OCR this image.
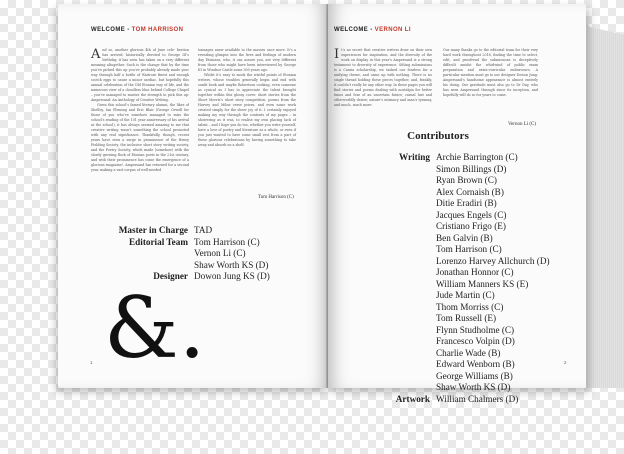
WELCOME - TOM HARRISON

And so, another glorious 4th of June cele- bration has arrived, historically devoted to George III’s birthday, it has seen has taken on a very different meaning altogether. Such is the change that by the time you’ve picked this up you’ve probably already made your way through half a bottle of Waitrose finest and enough scotch eggs to cause a minor cardiac, but hopefully this annual celebration of the Old Etonian way of life, and the numerous view of a cloudless blue behind College Chapel – you’ve managed to muster the strength to pick this up: Ampersand: An Anthology of Creative Writing.

Given this school’s famed literary alumni, the likes of Shelley, Ian Fleming and Eric Blair (George Orwell for those of you who’ve somehow managed to miss the school’s reading of the 101 year anniversary of his arrival at the school), it has always seemed amazing to me that creative writing wasn’t something the school promoted with any real significance. Thankfully, though, recent years have seen a surge in prominence of the Henry Fielding Society, the inclusive short story writing society, and the Poetry Society, which made (somehow) with the slowly growing flock of Etonian poets in the 21st century, and with their prominence has come the emergence of a glorious magazine!. Ampersand has returned for a second year, making a vast corpus of well-needed

tonnages anew available to the masses once more. It’s a revealing glimpse into the lives and feelings of modern day Etonians, who, it can assure you, are very different from those who might have been interviewed by George III in Windsor Castle some 300 years ago.

Whilst it’s easy to mock the wistful points of Etonian writers, whose troubles generally begin and end with sunlit book and maybe Robertson cooking, even someone as cynical as I has to appreciate the talent brought together within this glossy cover: short stories from the Short Morris’s short story competition, poems from the Harvey and Milne verse prizes, and even some work created simply for the sheer joy of it. I certainly enjoyed making my way through the contents of my pages – in showering as it was, to realise my own placing lack of talent – and I hope you do too, whether you write yourself, have a love of poetry and literature as a whole, or even if you just wanted to have some small rest from a part of these glorious celebrations by having something to take away and absorb on a shelf.

Tom Harrison (C)
Master in Charge TAD
Editorial Team Tom Harrison (C)
Vernon Li (C)
Shaw Worth KS (D)
Designer Dowon Jung KS (D)
&.
1
WELCOME - VERNON LI

It’s no secret that creative writers draw on their own experiences for inspiration, and the diversity of the work on display in this year’s Ampersand is a strong testament to diversity of experience. Sifting submissions is a Cassia scholarship, we tasked our fearless for a unifying theme, and came up with nothing. There is no single thread holding these pieces together, and, frankly, it couldn’t really be any other way. In these pages you will find stories and poems dealing with nostalgia for better times and fear of an uncertain future; carnal lust and otherworldly desire; nature’s intimacy and man’s tyranny, and much, much more.

Our many thanks go to the editorial team for their very hard work throughout 2018, finding the time to select, edit, and proofread the submissions is deceptively difficult amidst the whirlwind of public exam preparation and extra-curricular endeavours. A particular mention must go to our designer Dowon Jung: Ampersand’s handsome appearance is almost entirely his doing. Our gratitude must also go to Dr Day, who has seen Ampersand through since its inception, and hopefully will do so for years to come.

Vernon Li (C)
Contributors
Writing Archie Barrington (C)
Simon Billings (D)
Ryan Brown (C)
Alex Cornaish (B)
Ditie Eradiri (B)
Jacques Engels (C)
Cristiano Frigo (E)
Ben Galvin (B)
Tom Harrison (C)
Lorenzo Harvey Allchurch (D)
Jonathan Honnor (C)
William Manners KS (E)
Jude Martin (C)
Thom Morriss (C)
Tom Russell (E)
Flynn Studholme (C)
Francesco Volpin (D)
Charlie Wade (B)
Edward Wenborn (B)
George Williams (B)
Shaw Worth KS (D)
Artwork William Chalmers (D)
2
